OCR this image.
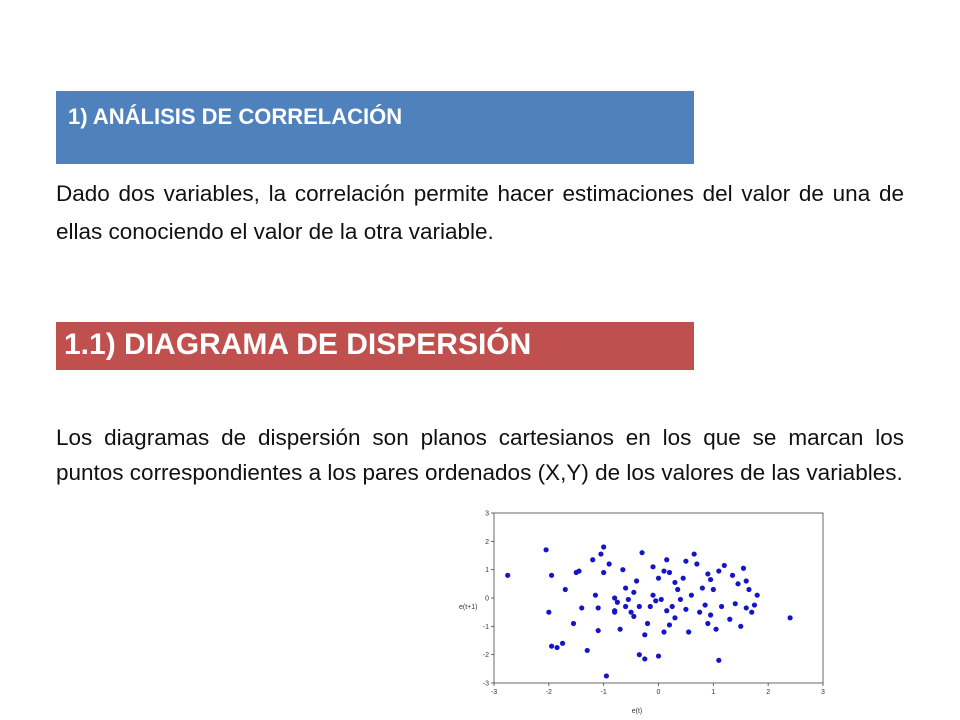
1) ANÁLISIS DE CORRELACIÓN

Dado dos variables, la correlación permite hacer estimaciones del valor de una de ellas conociendo el valor de la otra variable.

1.1) DIAGRAMA DE DISPERSIÓN

Los diagramas de dispersión son planos cartesianos en los que se marcan los puntos correspondientes a los pares ordenados (X,Y) de los valores de las variables.

-3	-2	-1	0	1	2	3
3
2
1
0
-1
-2
-3
e(t)
e(t+1)
